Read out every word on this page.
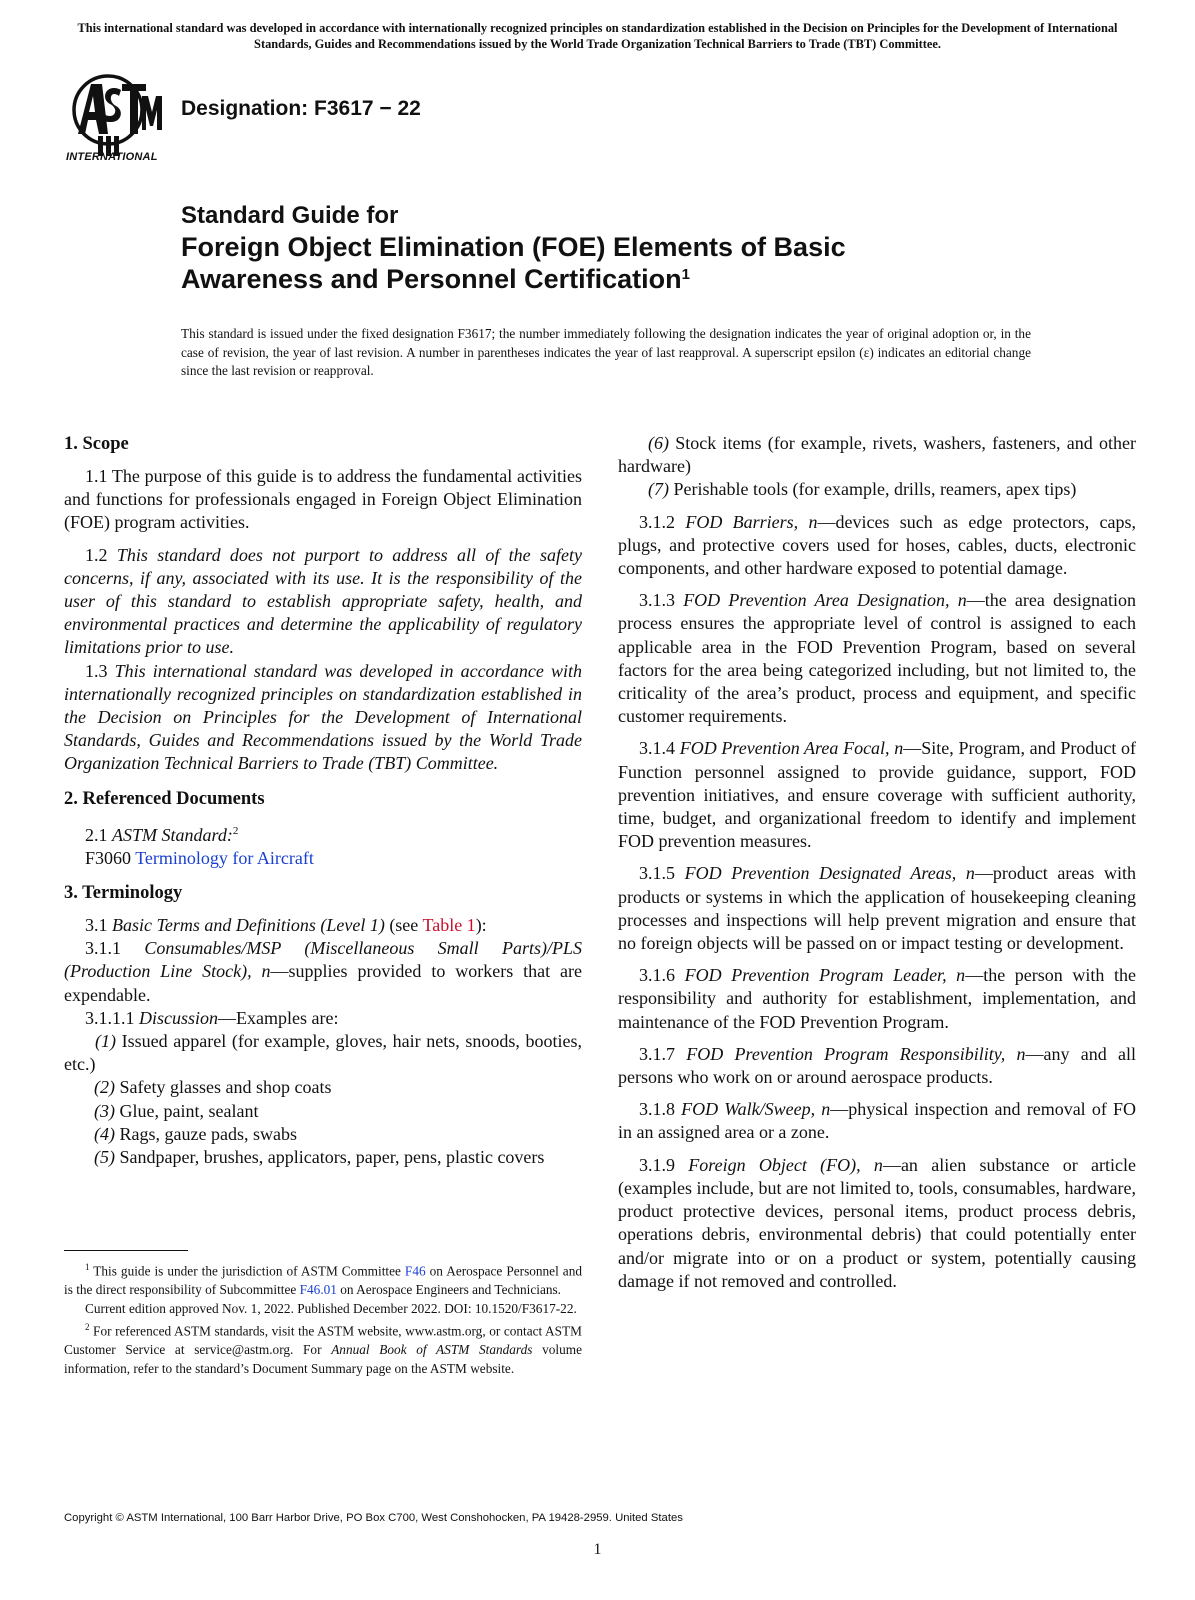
This international standard was developed in accordance with internationally recognized principles on standardization established in the Decision on Principles for the Development of International Standards, Guides and Recommendations issued by the World Trade Organization Technical Barriers to Trade (TBT) Committee.
INTERNATIONAL
Designation: F3617 − 22
Standard Guide for
Foreign Object Elimination (FOE) Elements of Basic
Awareness and Personnel Certification$^1$
This standard is issued under the fixed designation F3617; the number immediately following the designation indicates the year of original adoption or, in the case of revision, the year of last revision. A number in parentheses indicates the year of last reapproval. A superscript epsilon (ε) indicates an editorial change since the last revision or reapproval.
1. Scope

1.1 The purpose of this guide is to address the fundamental activities and functions for professionals engaged in Foreign Object Elimination (FOE) program activities.

1.2 This standard does not purport to address all of the safety concerns, if any, associated with its use. It is the responsibility of the user of this standard to establish appropriate safety, health, and environmental practices and determine the applicability of regulatory limitations prior to use.

1.3 This international standard was developed in accordance with internationally recognized principles on standardization established in the Decision on Principles for the Development of International Standards, Guides and Recommendations issued by the World Trade Organization Technical Barriers to Trade (TBT) Committee.

2. Referenced Documents

2.1 ASTM Standard:$^2$

F3060 Terminology for Aircraft

3. Terminology

3.1 Basic Terms and Definitions (Level 1) (see Table 1):

3.1.1 Consumables/MSP (Miscellaneous Small Parts)/PLS (Production Line Stock), n—supplies provided to workers that are expendable.

3.1.1.1 Discussion—Examples are:

(1) Issued apparel (for example, gloves, hair nets, snoods, booties, etc.)

(2) Safety glasses and shop coats

(3) Glue, paint, sealant

(4) Rags, gauze pads, swabs

(5) Sandpaper, brushes, applicators, paper, pens, plastic covers

$^1$ This guide is under the jurisdiction of ASTM Committee F46 on Aerospace Personnel and is the direct responsibility of Subcommittee F46.01 on Aerospace Engineers and Technicians.

Current edition approved Nov. 1, 2022. Published December 2022. DOI: 10.1520/F3617-22.

$^2$ For referenced ASTM standards, visit the ASTM website, www.astm.org, or contact ASTM Customer Service at service@astm.org. For Annual Book of ASTM Standards volume information, refer to the standard’s Document Summary page on the ASTM website.

(6) Stock items (for example, rivets, washers, fasteners, and other hardware)

(7) Perishable tools (for example, drills, reamers, apex tips)

3.1.2 FOD Barriers, n—devices such as edge protectors, caps, plugs, and protective covers used for hoses, cables, ducts, electronic components, and other hardware exposed to potential damage.

3.1.3 FOD Prevention Area Designation, n—the area designation process ensures the appropriate level of control is assigned to each applicable area in the FOD Prevention Program, based on several factors for the area being categorized including, but not limited to, the criticality of the area’s product, process and equipment, and specific customer requirements.

3.1.4 FOD Prevention Area Focal, n—Site, Program, and Product of Function personnel assigned to provide guidance, support, FOD prevention initiatives, and ensure coverage with sufficient authority, time, budget, and organizational freedom to identify and implement FOD prevention measures.

3.1.5 FOD Prevention Designated Areas, n—product areas with products or systems in which the application of housekeeping cleaning processes and inspections will help prevent migration and ensure that no foreign objects will be passed on or impact testing or development.

3.1.6 FOD Prevention Program Leader, n—the person with the responsibility and authority for establishment, implementation, and maintenance of the FOD Prevention Program.

3.1.7 FOD Prevention Program Responsibility, n—any and all persons who work on or around aerospace products.

3.1.8 FOD Walk/Sweep, n—physical inspection and removal of FO in an assigned area or a zone.

3.1.9 Foreign Object (FO), n—an alien substance or article (examples include, but are not limited to, tools, consumables, hardware, product protective devices, personal items, product process debris, operations debris, environmental debris) that could potentially enter and/or migrate into or on a product or system, potentially causing damage if not removed and controlled.

Copyright © ASTM International, 100 Barr Harbor Drive, PO Box C700, West Conshohocken, PA 19428-2959. United States
1
